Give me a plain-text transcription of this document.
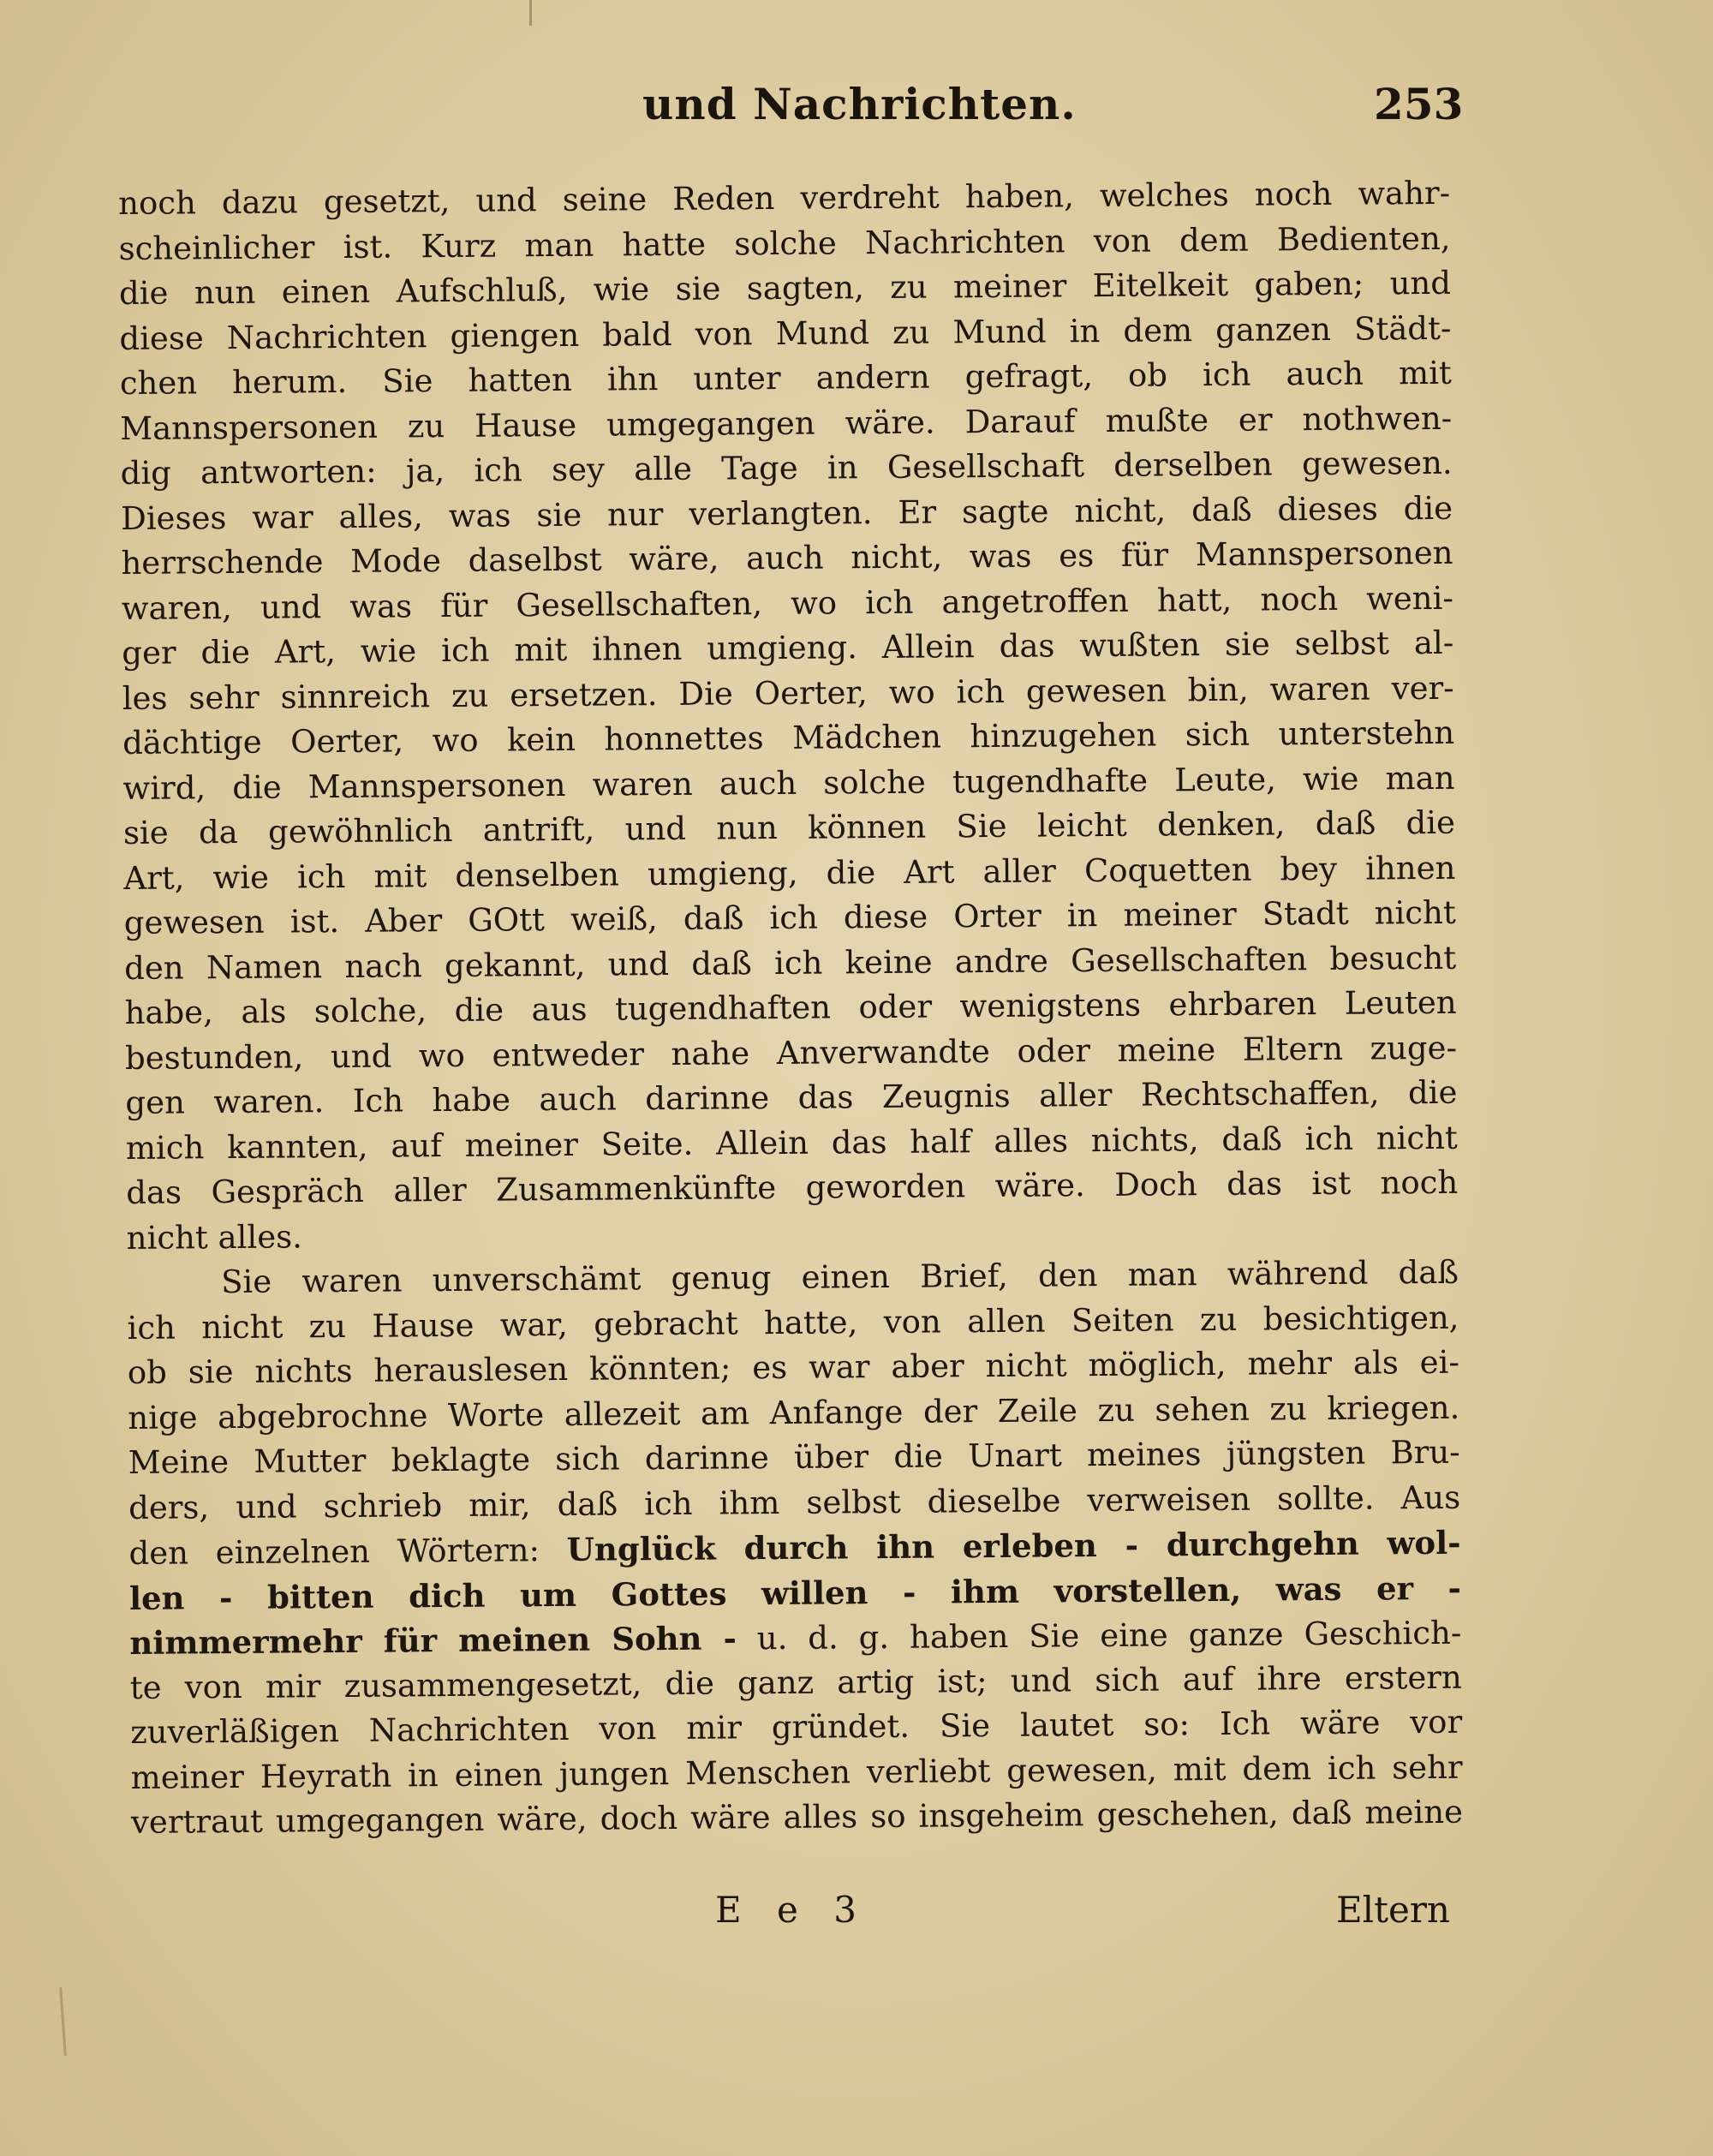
und Nachrichten.	253
noch dazu gesetzt, und seine Reden verdreht haben, welches noch wahr-
scheinlicher ist. Kurz man hatte solche Nachrichten von dem Bedienten,
die nun einen Aufschluß, wie sie sagten, zu meiner Eitelkeit gaben; und
diese Nachrichten giengen bald von Mund zu Mund in dem ganzen Städt-
chen herum. Sie hatten ihn unter andern gefragt, ob ich auch mit
Mannspersonen zu Hause umgegangen wäre. Darauf mußte er nothwen-
dig antworten: ja, ich sey alle Tage in Gesellschaft derselben gewesen.
Dieses war alles, was sie nur verlangten. Er sagte nicht, daß dieses die
herrschende Mode daselbst wäre, auch nicht, was es für Mannspersonen
waren, und was für Gesellschaften, wo ich angetroffen hatt, noch weni-
ger die Art, wie ich mit ihnen umgieng. Allein das wußten sie selbst al-
les sehr sinnreich zu ersetzen. Die Oerter, wo ich gewesen bin, waren ver-
dächtige Oerter, wo kein honnettes Mädchen hinzugehen sich unterstehn
wird, die Mannspersonen waren auch solche tugendhafte Leute, wie man
sie da gewöhnlich antrift, und nun können Sie leicht denken, daß die
Art, wie ich mit denselben umgieng, die Art aller Coquetten bey ihnen
gewesen ist. Aber GOtt weiß, daß ich diese Orter in meiner Stadt nicht
den Namen nach gekannt, und daß ich keine andre Gesellschaften besucht
habe, als solche, die aus tugendhaften oder wenigstens ehrbaren Leuten
bestunden, und wo entweder nahe Anverwandte oder meine Eltern zuge-
gen waren. Ich habe auch darinne das Zeugnis aller Rechtschaffen, die
mich kannten, auf meiner Seite. Allein das half alles nichts, daß ich nicht
das Gespräch aller Zusammenkünfte geworden wäre. Doch das ist noch
nicht alles.
Sie waren unverschämt genug einen Brief, den man während daß
ich nicht zu Hause war, gebracht hatte, von allen Seiten zu besichtigen,
ob sie nichts herauslesen könnten; es war aber nicht möglich, mehr als ei-
nige abgebrochne Worte allezeit am Anfange der Zeile zu sehen zu kriegen.
Meine Mutter beklagte sich darinne über die Unart meines jüngsten Bru-
ders, und schrieb mir, daß ich ihm selbst dieselbe verweisen sollte. Aus
den einzelnen Wörtern: Unglück durch ihn erleben - durchgehn wol-
len - bitten dich um Gottes willen - ihm vorstellen, was er -
nimmermehr für meinen Sohn - u. d. g. haben Sie eine ganze Geschich-
te von mir zusammengesetzt, die ganz artig ist; und sich auf ihre erstern
zuverläßigen Nachrichten von mir gründet. Sie lautet so: Ich wäre vor
meiner Heyrath in einen jungen Menschen verliebt gewesen, mit dem ich sehr
vertraut umgegangen wäre, doch wäre alles so insgeheim geschehen, daß meine
E e 3	Eltern
